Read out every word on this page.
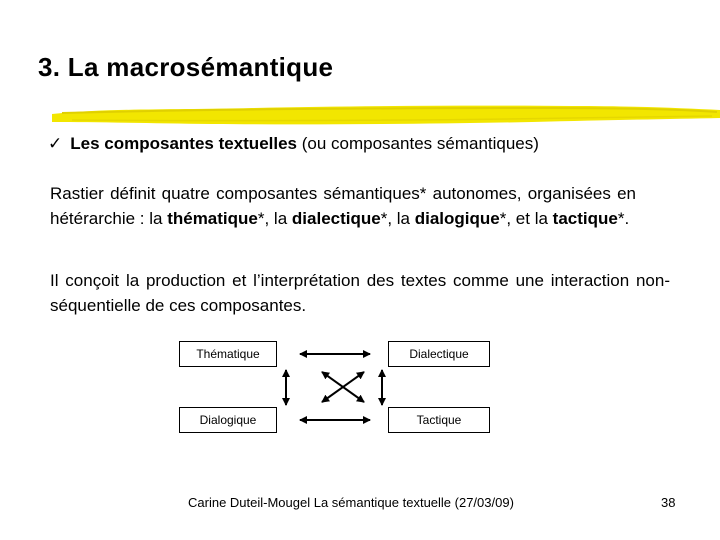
3. La macrosémantique
✓ Les composantes textuelles (ou composantes sémantiques)
Rastier définit quatre composantes sémantiques* autonomes, organisées en hétérarchie : la thématique*, la dialectique*, la dialogique*, et la tactique*.
Il conçoit la production et l’interprétation des textes comme une interaction non-séquentielle de ces composantes.
Thématique	Dialectique
Dialogique	Tactique
Carine Duteil-Mougel La sémantique textuelle (27/03/09)	38
